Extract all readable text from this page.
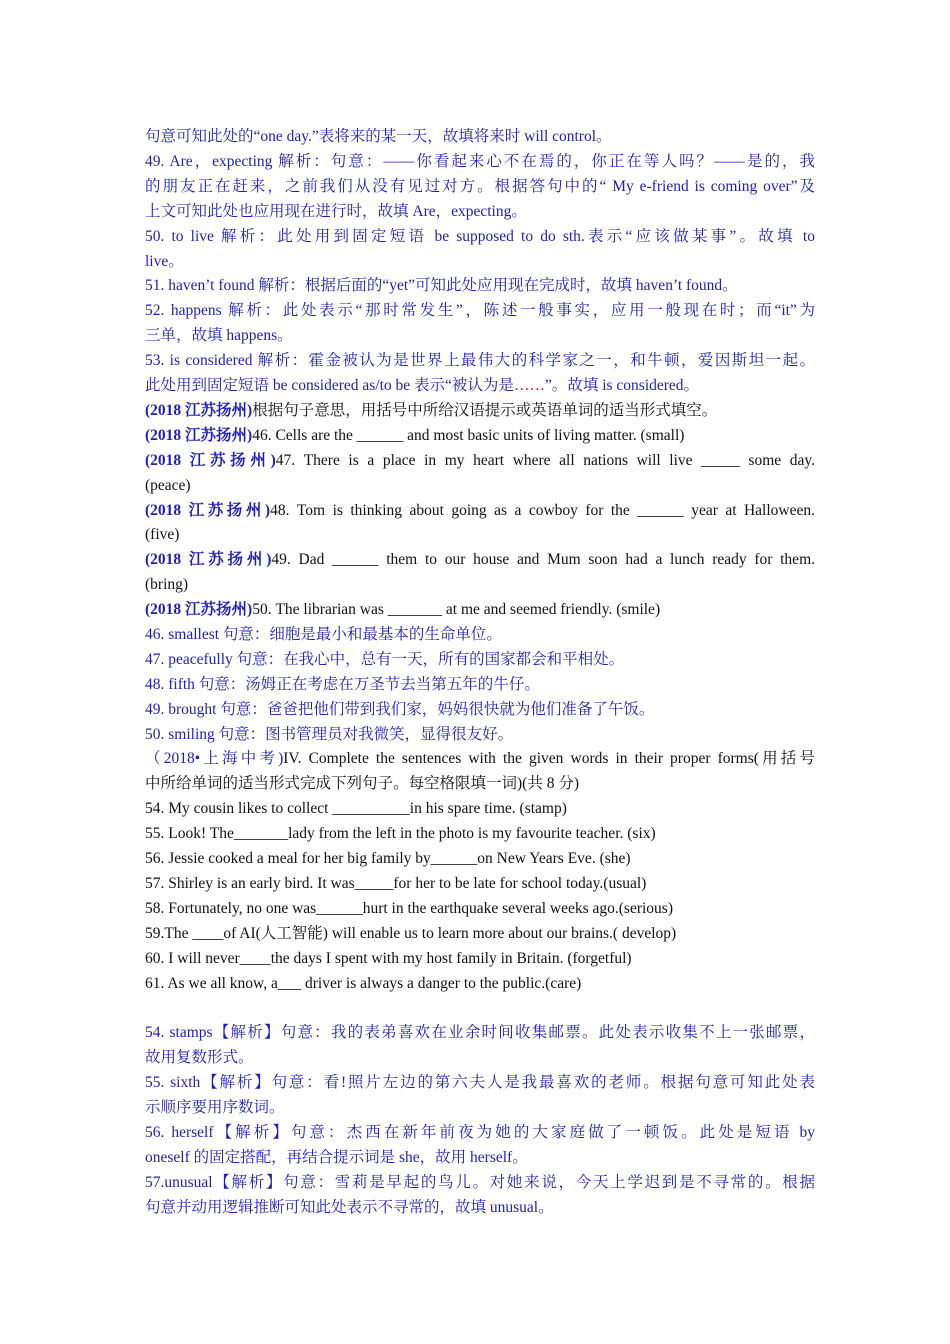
句意可知此处的“one day.”表将来的某一天，故填将来时 will control。
49. Are，expecting 解析：句意：——你看起来心不在焉的，你正在等人吗？——是的，我
的朋友正在赶来，之前我们从没有见过对方。根据答句中的“ My e-friend is coming over”及
上文可知此处也应用现在进行时，故填 Are，expecting。
50. to live 解析：此处用到固定短语 be supposed to do sth.表示“应该做某事”。故填 to
live。
51. haven’t found 解析：根据后面的“yet”可知此处应用现在完成时，故填 haven’t found。
52. happens 解析：此处表示“那时常发生”，陈述一般事实，应用一般现在时；而“it”为
三单，故填 happens。
53. is considered 解析：霍金被认为是世界上最伟大的科学家之一，和牛顿，爱因斯坦一起。
此处用到固定短语 be considered as/to be 表示“被认为是……”。故填 is considered。
(2018 江苏扬州)根据句子意思，用括号中所给汉语提示或英语单词的适当形式填空。
(2018 江苏扬州)46. Cells are the ______ and most basic units of living matter. (small)
(2018 江苏扬州)47. There is a place in my heart where all nations will live _____ some day.
(peace)
(2018 江苏扬州)48. Tom is thinking about going as a cowboy for the ______ year at Halloween.
(five)
(2018 江苏扬州)49. Dad ______ them to our house and Mum soon had a lunch ready for them.
(bring)
(2018 江苏扬州)50. The librarian was _______ at me and seemed friendly. (smile)
46. smallest 句意：细胞是最小和最基本的生命单位。
47. peacefully 句意：在我心中，总有一天，所有的国家都会和平相处。
48. fifth 句意：汤姆正在考虑在万圣节去当第五年的牛仔。
49. brought 句意：爸爸把他们带到我们家，妈妈很快就为他们准备了午饭。
50. smiling 句意：图书管理员对我微笑，显得很友好。
（2018•上海中考)IV. Complete the sentences with the given words in their proper forms(用括号
中所给单词的适当形式完成下列句子。每空格限填一词)(共 8 分)
54. My cousin likes to collect __________in his spare time. (stamp)
55. Look! The_______lady from the left in the photo is my favourite teacher. (six)
56. Jessie cooked a meal for her big family by______on New Years Eve. (she)
57. Shirley is an early bird. It was_____for her to be late for school today.(usual)
58. Fortunately, no one was______hurt in the earthquake several weeks ago.(serious)
59.The ____of AI(人工智能) will enable us to learn more about our brains.( develop)
60. I will never____the days I spent with my host family in Britain. (forgetful)
61. As we all know, a___ driver is always a danger to the public.(care)
54. stamps【解析】句意：我的表弟喜欢在业余时间收集邮票。此处表示收集不上一张邮票，
故用复数形式。
55. sixth【解析】句意：看!照片左边的第六夫人是我最喜欢的老师。根据句意可知此处表
示顺序要用序数词。
56. herself【解析】句意：杰西在新年前夜为她的大家庭做了一顿饭。此处是短语 by
oneself 的固定搭配，再结合提示词是 she，故用 herself。
57.unusual【解析】句意：雪莉是早起的鸟儿。对她来说，今天上学迟到是不寻常的。根据
句意并动用逻辑推断可知此处表示不寻常的，故填 unusual。
